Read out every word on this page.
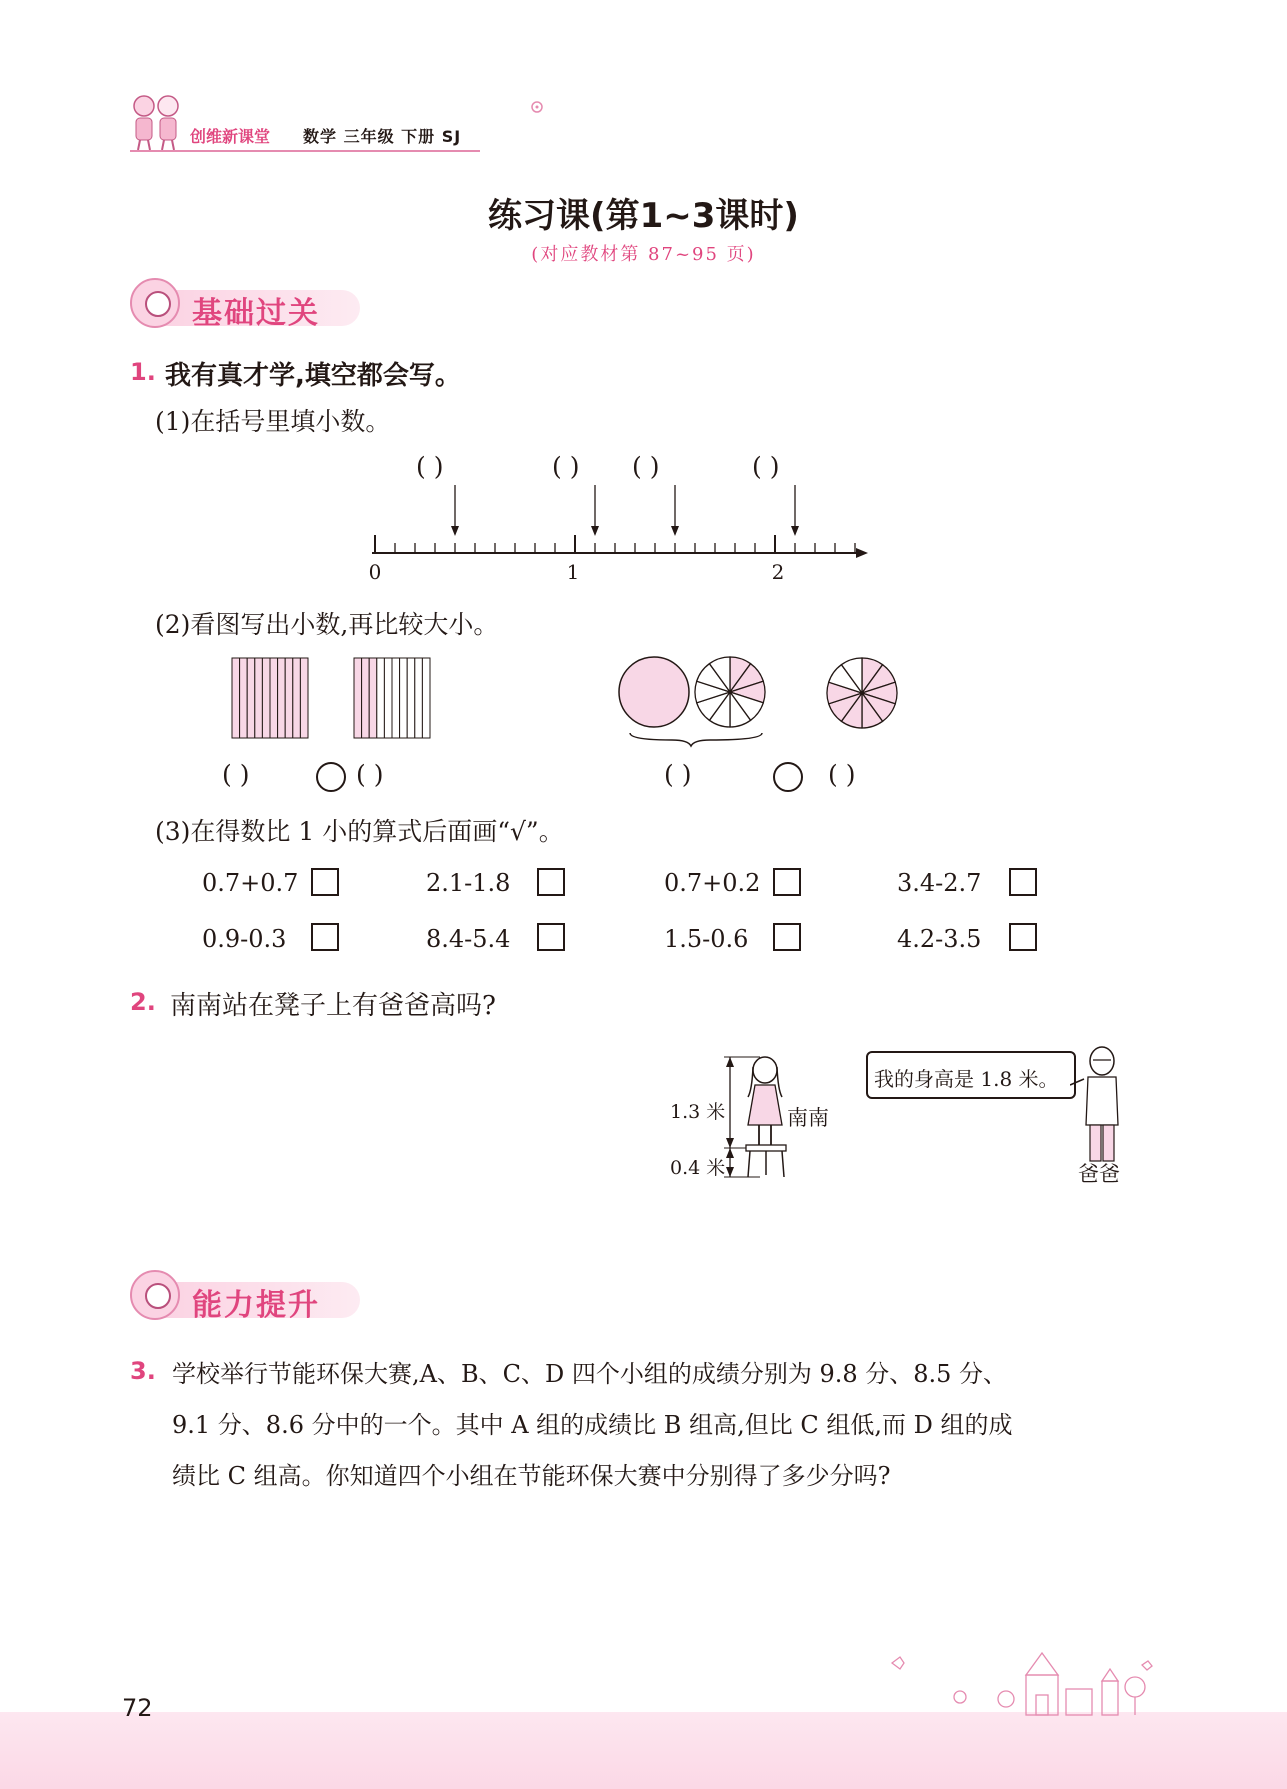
创维新课堂 数学 三年级 下册 SJ
练习课(第1~3课时)
(对应教材第 87~95 页)
基础过关
1. 我有真才学,填空都会写。
(1)在括号里填小数。
( )	( ) ( )	( )
0	1	2
(2)看图写出小数,再比较大小。
( )	( )	( )	( )
(3)在得数比 1 小的算式后面画“√”。
0.7+0.7	2.1-1.8	0.7+0.2	3.4-2.7
0.9-0.3	8.4-5.4	1.5-0.6	4.2-3.5
2. 南南站在凳子上有爸爸高吗?
1.3 米
0.4 米
南南
我的身高是 1.8 米。
爸爸
能力提升
3. 学校举行节能环保大赛,A、B、C、D 四个小组的成绩分别为 9.8 分、8.5 分、
9.1 分、8.6 分中的一个。其中 A 组的成绩比 B 组高,但比 C 组低,而 D 组的成
绩比 C 组高。你知道四个小组在节能环保大赛中分别得了多少分吗?
72
